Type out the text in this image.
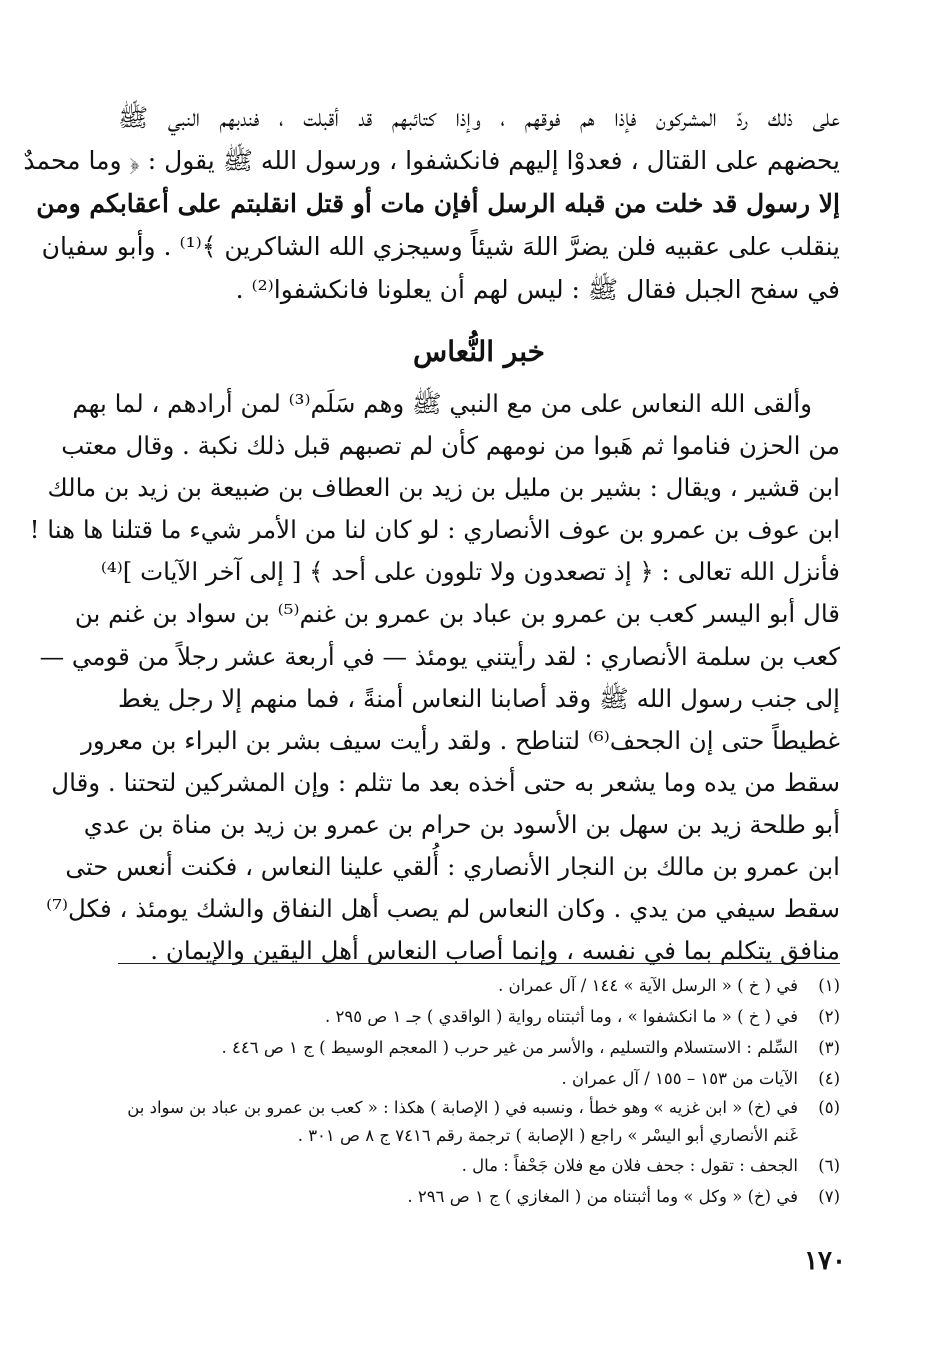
على ذلك ردّ المشركون فإذا هم فوقهم ، وإذا كتائبهم قد أقبلت ، فندبهم النبي ﷺ
يحضهم على القتال ، فعدوْا إليهم فانكشفوا ، ورسول الله ﷺ يقول : ﴿ وما محمدٌ
إلا رسول قد خلت من قبله الرسل أفإن مات أو قتل انقلبتم على أعقابكم ومن
ينقلب على عقبيه فلن يضرَّ اللهَ شيئاً وسيجزي الله الشاكرين ﴾⁽¹⁾ . وأبو سفيان
في سفح الجبل فقال ﷺ : ليس لهم أن يعلونا فانكشفوا⁽²⁾ .
خبر النُّعاس
وألقى الله النعاس على من مع النبي ﷺ وهم سَلَم⁽³⁾ لمن أرادهم ، لما بهم
من الحزن فناموا ثم هَبوا من نومهم كأن لم تصبهم قبل ذلك نكبة . وقال معتب
ابن قشير ، ويقال : بشير بن مليل بن زيد بن العطاف بن ضبيعة بن زيد بن مالك
ابن عوف بن عمرو بن عوف الأنصاري : لو كان لنا من الأمر شيء ما قتلنا ها هنا !
فأنزل الله تعالى : ﴿ إذ تصعدون ولا تلوون على أحد ﴾ [ إلى آخر الآيات ]⁽⁴⁾
قال أبو اليسر كعب بن عمرو بن عباد بن عمرو بن غنم⁽⁵⁾ بن سواد بن غنم بن
كعب بن سلمة الأنصاري : لقد رأيتني يومئذ — في أربعة عشر رجلاً من قومي —
إلى جنب رسول الله ﷺ وقد أصابنا النعاس أمنةً ، فما منهم إلا رجل يغط
غطيطاً حتى إن الجحف⁽⁶⁾ لتناطح . ولقد رأيت سيف بشر بن البراء بن معرور
سقط من يده وما يشعر به حتى أخذه بعد ما تثلم : وإن المشركين لتحتنا . وقال
أبو طلحة زيد بن سهل بن الأسود بن حرام بن عمرو بن زيد بن مناة بن عدي
ابن عمرو بن مالك بن النجار الأنصاري : أُلقي علينا النعاس ، فكنت أنعس حتى
سقط سيفي من يدي . وكان النعاس لم يصب أهل النفاق والشك يومئذ ، فكل⁽⁷⁾
منافق يتكلم بما في نفسه ، وإنما أصاب النعاس أهل اليقين والإيمان .
(١)
في ( خ ) « الرسل الآية » ١٤٤ / آل عمران .
(٢)
في ( خ ) « ما انكشفوا » ، وما أثبتناه رواية ( الواقدي ) جـ ١ ص ٢٩٥ .
(٣)
السِّلم : الاستسلام والتسليم ، والأسر من غير حرب ( المعجم الوسيط ) ج ١ ص ٤٤٦ .
(٤)
الآيات من ١٥٣ – ١٥٥ / آل عمران .
(٥)
في (خ) « ابن غزيه » وهو خطأ ، ونسبه في ( الإصابة ) هكذا : « كعب بن عمرو بن عباد بن سواد بن
غَنم الأنصاري أبو اليسْر » راجع ( الإصابة ) ترجمة رقم ٧٤١٦ ج ٨ ص ٣٠١ .
(٦)
الجحف : تقول : جحف فلان مع فلان جَحْفاً : مال .
(٧)
في (خ) « وكل » وما أثبتناه من ( المغازي ) ج ١ ص ٢٩٦ .
١٧٠
